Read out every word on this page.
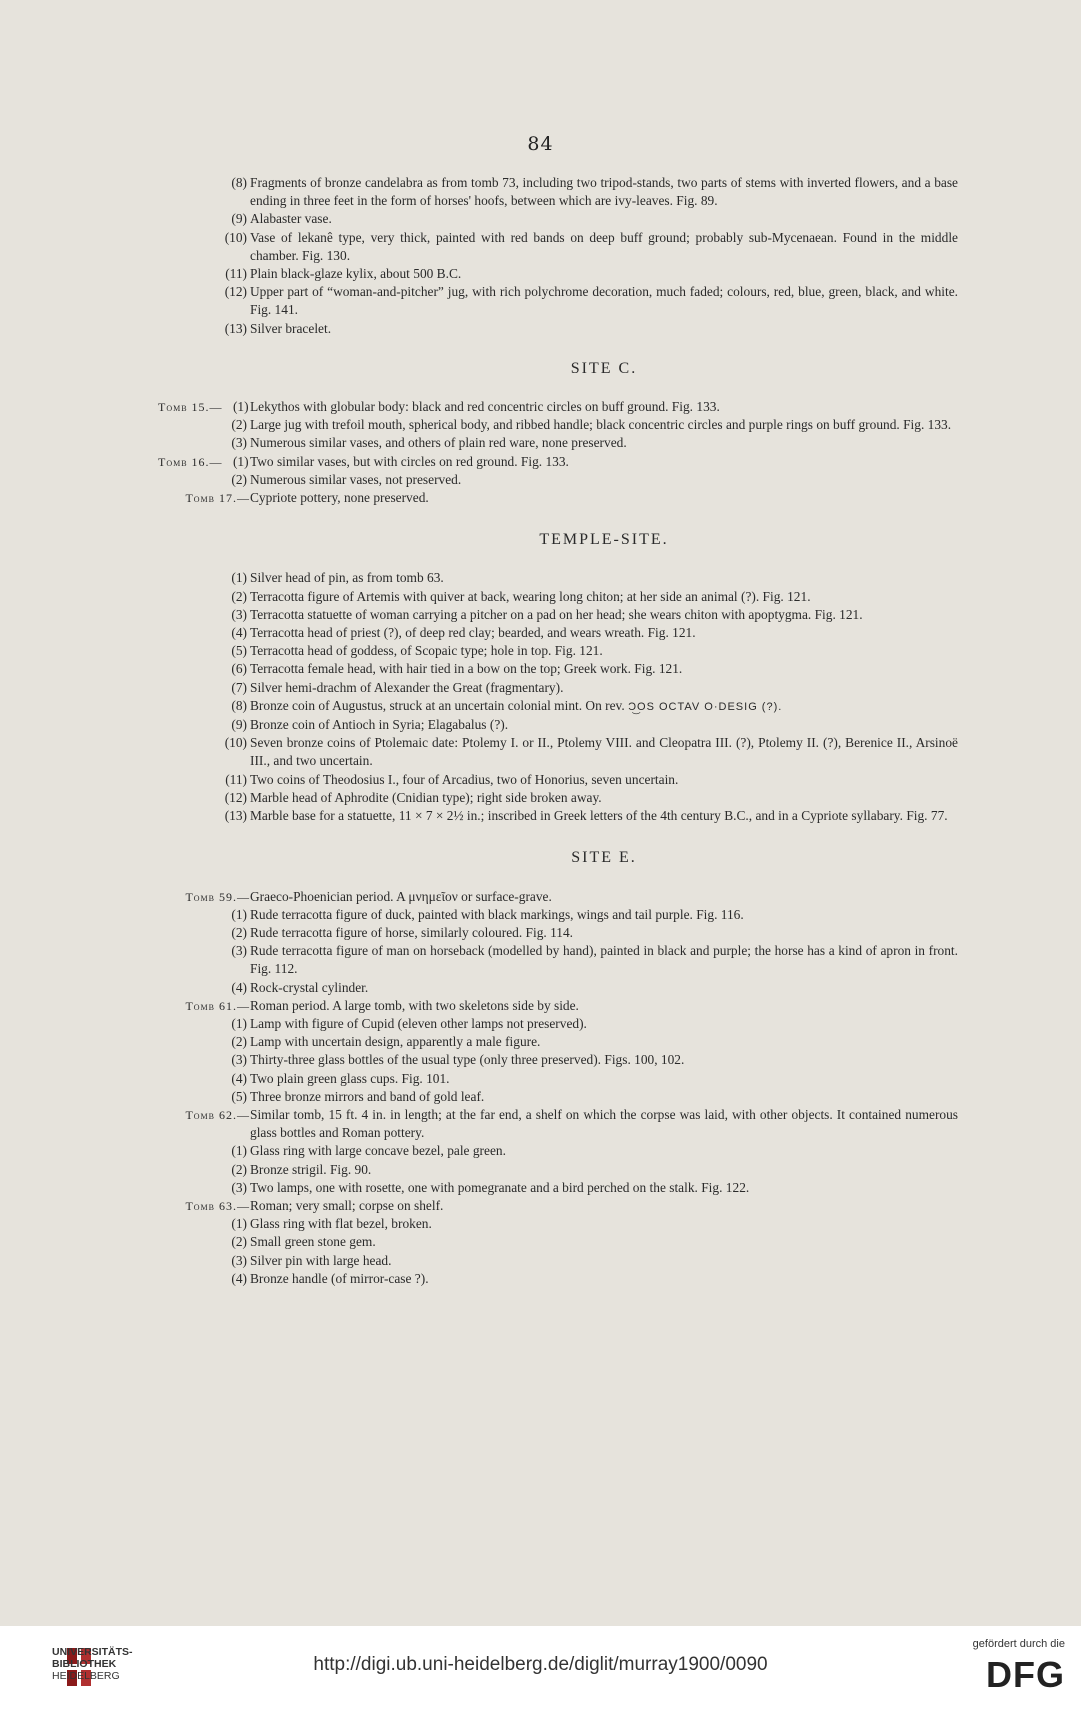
84
(8) Fragments of bronze candelabra as from tomb 73, including two tripod-stands, two parts of stems with inverted flowers, and a base ending in three feet in the form of horses' hoofs, between which are ivy-leaves. Fig. 89.
(9) Alabaster vase.
(10) Vase of lekanê type, very thick, painted with red bands on deep buff ground; probably sub-Mycenaean. Found in the middle chamber. Fig. 130.
(11) Plain black-glaze kylix, about 500 B.C.
(12) Upper part of “woman-and-pitcher” jug, with rich polychrome decoration, much faded; colours, red, blue, green, black, and white. Fig. 141.
(13) Silver bracelet.
SITE C.
Tomb 15.— (1) Lekythos with globular body: black and red concentric circles on buff ground. Fig. 133.
(2) Large jug with trefoil mouth, spherical body, and ribbed handle; black concentric circles and purple rings on buff ground. Fig. 133.
(3) Numerous similar vases, and others of plain red ware, none preserved.
Tomb 16.— (1) Two similar vases, but with circles on red ground. Fig. 133.
(2) Numerous similar vases, not preserved.
Tomb 17.— Cypriote pottery, none preserved.
TEMPLE-SITE.
(1) Silver head of pin, as from tomb 63.
(2) Terracotta figure of Artemis with quiver at back, wearing long chiton; at her side an animal (?). Fig. 121.
(3) Terracotta statuette of woman carrying a pitcher on a pad on her head; she wears chiton with apoptygma. Fig. 121.
(4) Terracotta head of priest (?), of deep red clay; bearded, and wears wreath. Fig. 121.
(5) Terracotta head of goddess, of Scopaic type; hole in top. Fig. 121.
(6) Terracotta female head, with hair tied in a bow on the top; Greek work. Fig. 121.
(7) Silver hemi-drachm of Alexander the Great (fragmentary).
(8) Bronze coin of Augustus, struck at an uncertain colonial mint. On rev. Ɔ͜OS OCTAV O·DESIG (?).
(9) Bronze coin of Antioch in Syria; Elagabalus (?).
(10) Seven bronze coins of Ptolemaic date: Ptolemy I. or II., Ptolemy VIII. and Cleopatra III. (?), Ptolemy II. (?), Berenice II., Arsinoë III., and two uncertain.
(11) Two coins of Theodosius I., four of Arcadius, two of Honorius, seven uncertain.
(12) Marble head of Aphrodite (Cnidian type); right side broken away.
(13) Marble base for a statuette, 11 × 7 × 2½ in.; inscribed in Greek letters of the 4th century B.C., and in a Cypriote syllabary. Fig. 77.
SITE E.
Tomb 59.— Graeco-Phoenician period. A μνημεῖον or surface-grave.
(1) Rude terracotta figure of duck, painted with black markings, wings and tail purple. Fig. 116.
(2) Rude terracotta figure of horse, similarly coloured. Fig. 114.
(3) Rude terracotta figure of man on horseback (modelled by hand), painted in black and purple; the horse has a kind of apron in front. Fig. 112.
(4) Rock-crystal cylinder.
Tomb 61.— Roman period. A large tomb, with two skeletons side by side.
(1) Lamp with figure of Cupid (eleven other lamps not preserved).
(2) Lamp with uncertain design, apparently a male figure.
(3) Thirty-three glass bottles of the usual type (only three preserved). Figs. 100, 102.
(4) Two plain green glass cups. Fig. 101.
(5) Three bronze mirrors and band of gold leaf.
Tomb 62.— Similar tomb, 15 ft. 4 in. in length; at the far end, a shelf on which the corpse was laid, with other objects. It contained numerous glass bottles and Roman pottery.
(1) Glass ring with large concave bezel, pale green.
(2) Bronze strigil. Fig. 90.
(3) Two lamps, one with rosette, one with pomegranate and a bird perched on the stalk. Fig. 122.
Tomb 63.— Roman; very small; corpse on shelf.
(1) Glass ring with flat bezel, broken.
(2) Small green stone gem.
(3) Silver pin with large head.
(4) Bronze handle (of mirror-case ?).
UNIVERSITÄTS-
BIBLIOTHEK
HEIDELBERG
http://digi.ub.uni-heidelberg.de/diglit/murray1900/0090
gefördert durch die
DFG
